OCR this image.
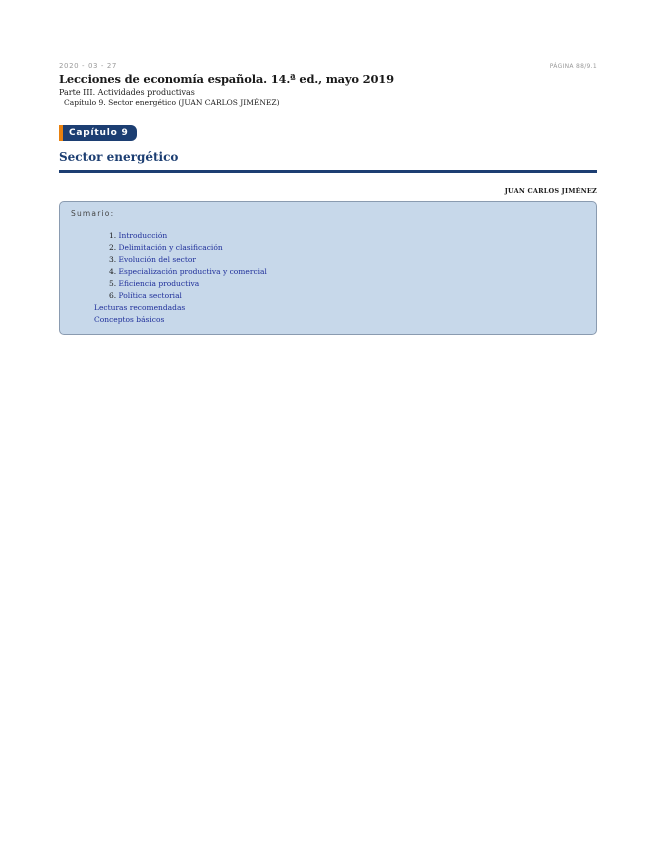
2020 - 03 - 27	PÁGINA 88/9.1
Lecciones de economía española. 14.ª ed., mayo 2019
Parte III. Actividades productivas
Capítulo 9. Sector energético (JUAN CARLOS JIMÉNEZ)
Capítulo 9
Sector energético
JUAN CARLOS JIMÉNEZ
Sumario:
1. Introducción
2. Delimitación y clasificación
3. Evolución del sector
4. Especialización productiva y comercial
5. Eficiencia productiva
6. Política sectorial
Lecturas recomendadas
Conceptos básicos
